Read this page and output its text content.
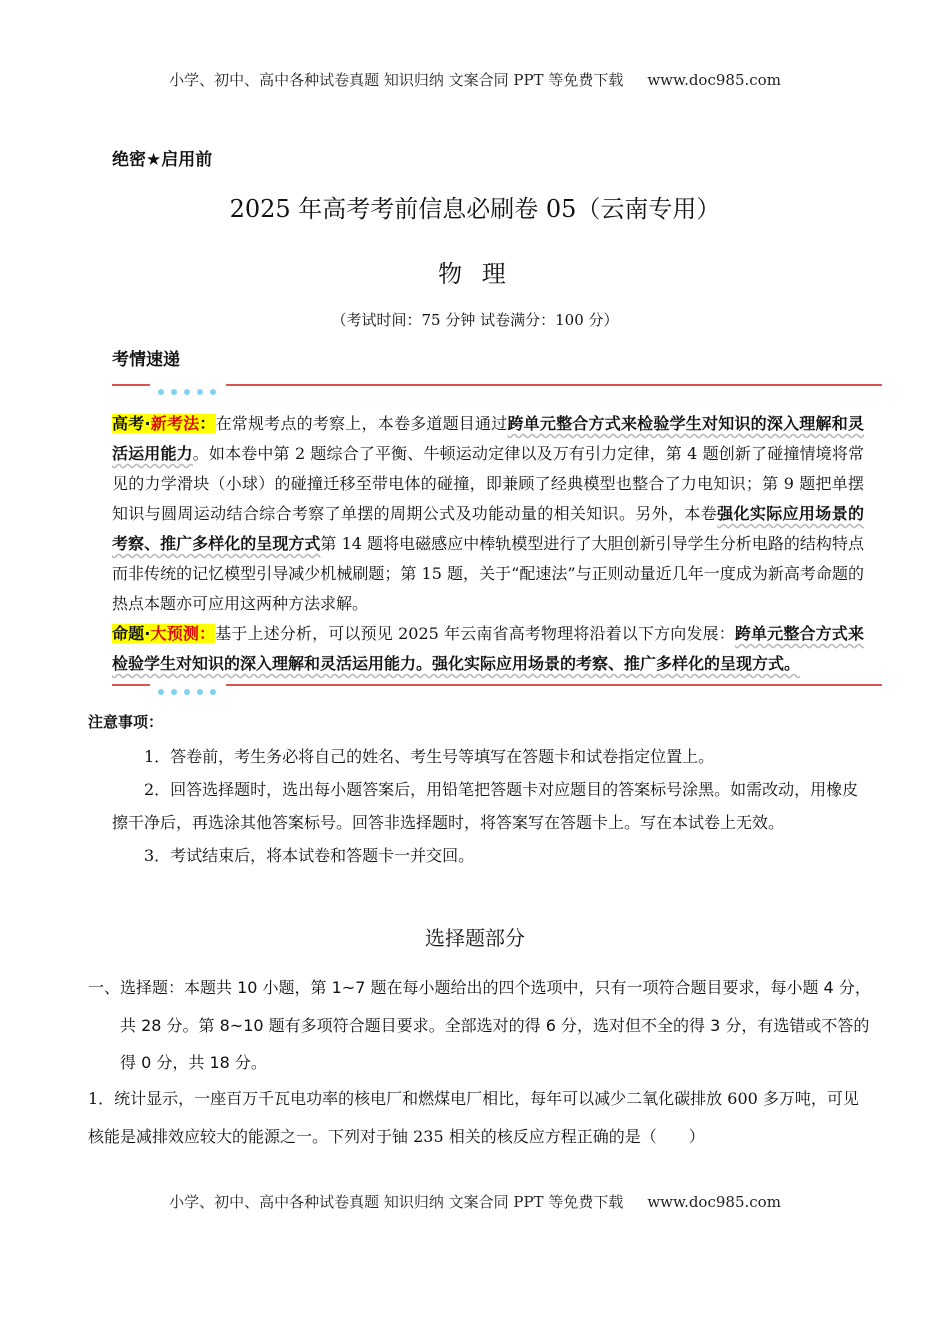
小学、初中、高中各种试卷真题 知识归纳 文案合同 PPT 等免费下载 www.doc985.com
绝密★启用前
2025 年高考考前信息必刷卷 05（云南专用）
物 理
（考试时间：75 分钟 试卷满分：100 分）
考情速递
高考·新考法：在常规考点的考察上，本卷多道题目通过跨单元整合方式来检验学生对知识的深入理解和灵活运用能力。如本卷中第 2 题综合了平衡、牛顿运动定律以及万有引力定律，第 4 题创新了碰撞情境将常见的力学滑块（小球）的碰撞迁移至带电体的碰撞，即兼顾了经典模型也整合了力电知识；第 9 题把单摆知识与圆周运动结合综合考察了单摆的周期公式及功能动量的相关知识。另外，本卷强化实际应用场景的考察、推广多样化的呈现方式第 14 题将电磁感应中棒轨模型进行了大胆创新引导学生分析电路的结构特点而非传统的记忆模型引导减少机械刷题；第 15 题，关于“配速法”与正则动量近几年一度成为新高考命题的热点本题亦可应用这两种方法求解。
命题·大预测：基于上述分析，可以预见 2025 年云南省高考物理将沿着以下方向发展：跨单元整合方式来检验学生对知识的深入理解和灵活运用能力。强化实际应用场景的考察、推广多样化的呈现方式。
注意事项：

1．答卷前，考生务必将自己的姓名、考生号等填写在答题卡和试卷指定位置上。

2．回答选择题时，选出每小题答案后，用铅笔把答题卡对应题目的答案标号涂黑。如需改动，用橡皮擦干净后，再选涂其他答案标号。回答非选择题时，将答案写在答题卡上。写在本试卷上无效。

3．考试结束后，将本试卷和答题卡一并交回。

选择题部分
一、选择题：本题共 10 小题，第 1~7 题在每小题给出的四个选项中，只有一项符合题目要求，每小题 4 分，共 28 分。第 8~10 题有多项符合题目要求。全部选对的得 6 分，选对但不全的得 3 分，有选错或不答的得 0 分，共 18 分。
1．统计显示，一座百万千瓦电功率的核电厂和燃煤电厂相比，每年可以减少二氧化碳排放 600 多万吨，可见核能是减排效应较大的能源之一。下列对于铀 235 相关的核反应方程正确的是（　　）
小学、初中、高中各种试卷真题 知识归纳 文案合同 PPT 等免费下载 www.doc985.com
